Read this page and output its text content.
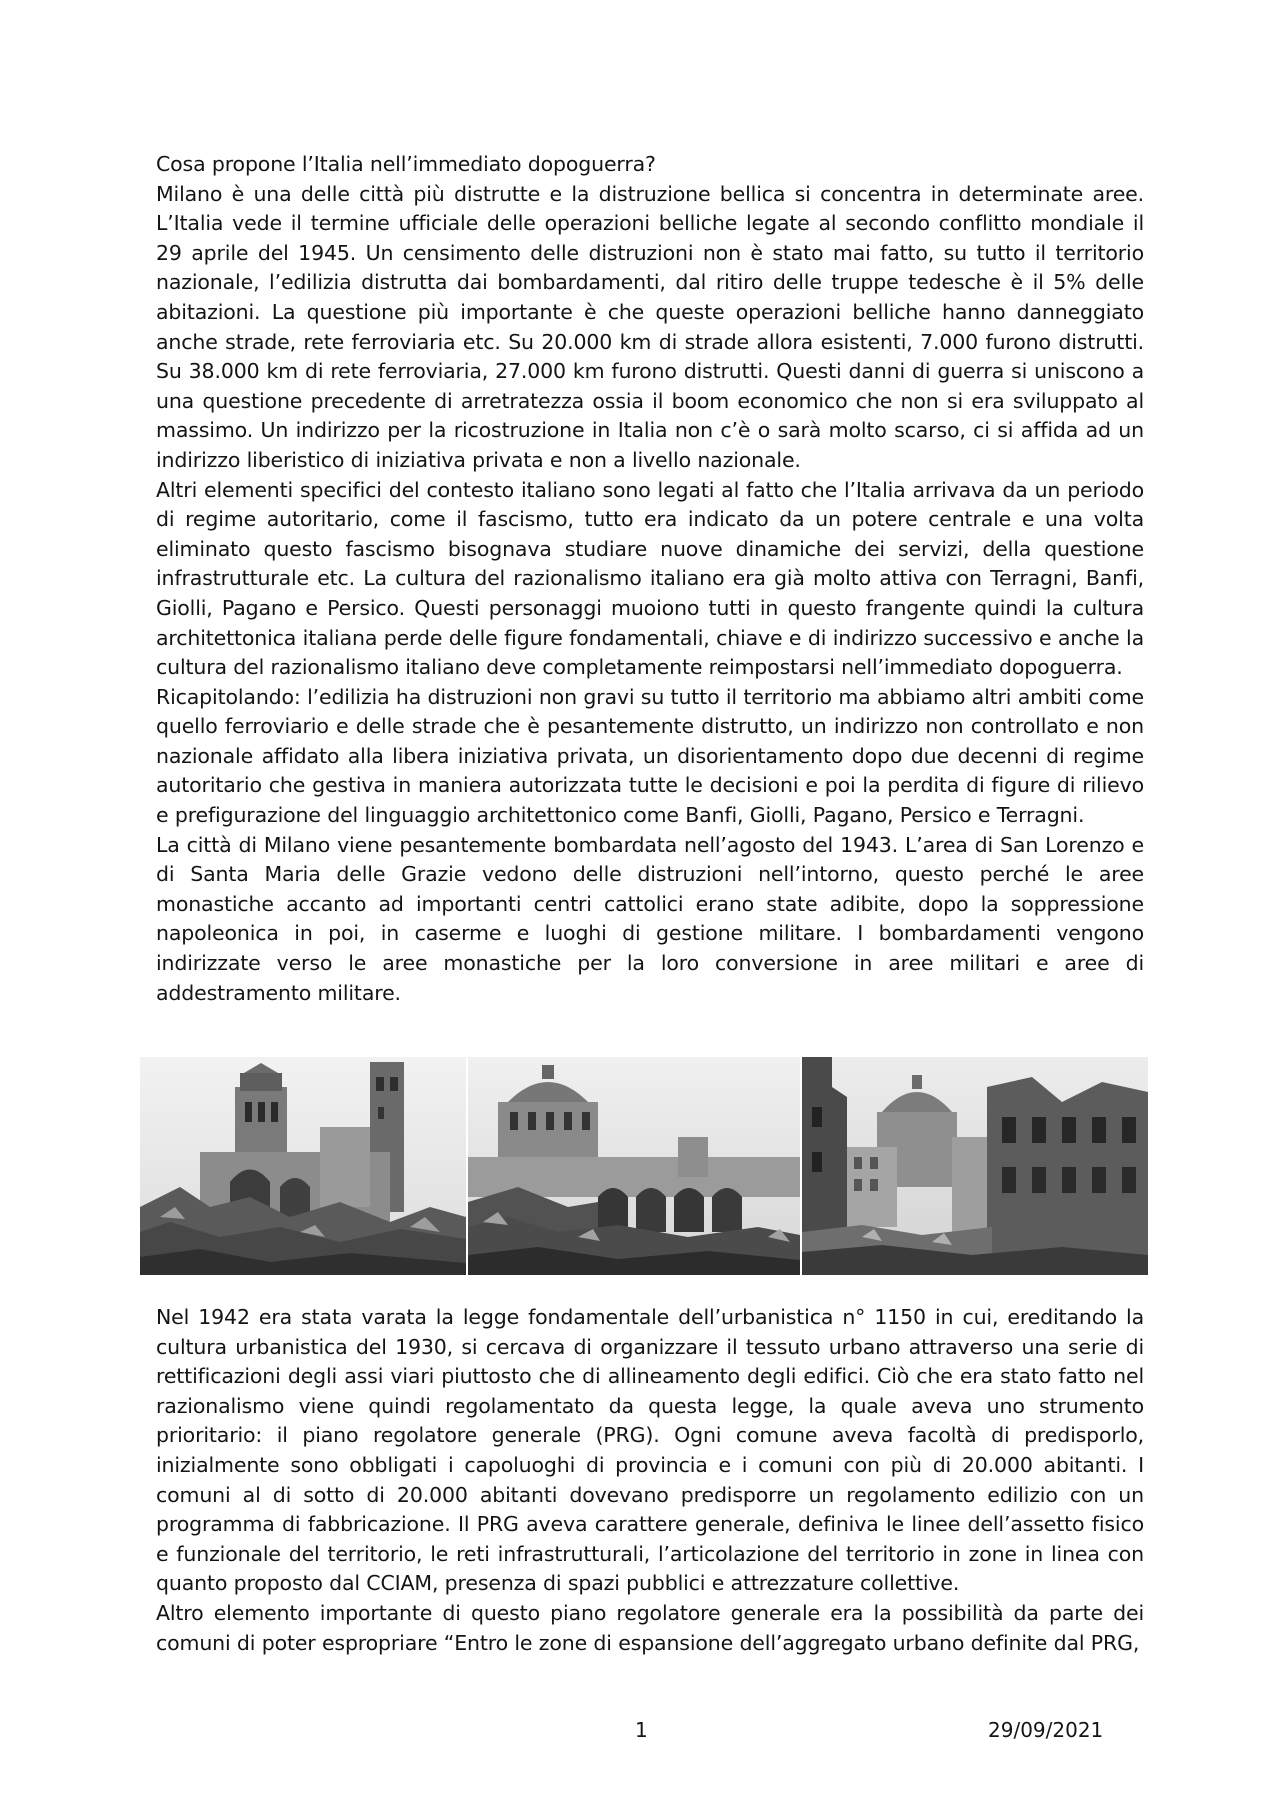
Cosa propone l’Italia nell’immediato dopoguerra?

Milano è una delle città più distrutte e la distruzione bellica si concentra in determinate aree. L’Italia vede il termine ufficiale delle operazioni belliche legate al secondo conflitto mondiale il 29 aprile del 1945. Un censimento delle distruzioni non è stato mai fatto, su tutto il territorio nazionale, l’edilizia distrutta dai bombardamenti, dal ritiro delle truppe tedesche è il 5% delle abitazioni. La questione più importante è che queste operazioni belliche hanno danneggiato anche strade, rete ferroviaria etc. Su 20.000 km di strade allora esistenti, 7.000 furono distrutti. Su 38.000 km di rete ferroviaria, 27.000 km furono distrutti. Questi danni di guerra si uniscono a una questione precedente di arretratezza ossia il boom economico che non si era sviluppato al massimo. Un indirizzo per la ricostruzione in Italia non c’è o sarà molto scarso, ci si affida ad un indirizzo liberistico di iniziativa privata e non a livello nazionale.

Altri elementi specifici del contesto italiano sono legati al fatto che l’Italia arrivava da un periodo di regime autoritario, come il fascismo, tutto era indicato da un potere centrale e una volta eliminato questo fascismo bisognava studiare nuove dinamiche dei servizi, della questione infrastrutturale etc. La cultura del razionalismo italiano era già molto attiva con Terragni, Banfi, Giolli, Pagano e Persico. Questi personaggi muoiono tutti in questo frangente quindi la cultura architettonica italiana perde delle figure fondamentali, chiave e di indirizzo successivo e anche la cultura del razionalismo italiano deve completamente reimpostarsi nell’immediato dopoguerra.

Ricapitolando: l’edilizia ha distruzioni non gravi su tutto il territorio ma abbiamo altri ambiti come quello ferroviario e delle strade che è pesantemente distrutto, un indirizzo non controllato e non nazionale affidato alla libera iniziativa privata, un disorientamento dopo due decenni di regime autoritario che gestiva in maniera autorizzata tutte le decisioni e poi la perdita di figure di rilievo e prefigurazione del linguaggio architettonico come Banfi, Giolli, Pagano, Persico e Terragni.

La città di Milano viene pesantemente bombardata nell’agosto del 1943. L’area di San Lorenzo e di Santa Maria delle Grazie vedono delle distruzioni nell’intorno, questo perché le aree monastiche accanto ad importanti centri cattolici erano state adibite, dopo la soppressione napoleonica in poi, in caserme e luoghi di gestione militare. I bombardamenti vengono indirizzate verso le aree monastiche per la loro conversione in aree militari e aree di addestramento militare.

Nel 1942 era stata varata la legge fondamentale dell’urbanistica n° 1150 in cui, ereditando la cultura urbanistica del 1930, si cercava di organizzare il tessuto urbano attraverso una serie di rettificazioni degli assi viari piuttosto che di allineamento degli edifici. Ciò che era stato fatto nel razionalismo viene quindi regolamentato da questa legge, la quale aveva uno strumento prioritario: il piano regolatore generale (PRG). Ogni comune aveva facoltà di predisporlo, inizialmente sono obbligati i capoluoghi di provincia e i comuni con più di 20.000 abitanti. I comuni al di sotto di 20.000 abitanti dovevano predisporre un regolamento edilizio con un programma di fabbricazione. Il PRG aveva carattere generale, definiva le linee dell’assetto fisico e funzionale del territorio, le reti infrastrutturali, l’articolazione del territorio in zone in linea con quanto proposto dal CCIAM, presenza di spazi pubblici e attrezzature collettive.

Altro elemento importante di questo piano regolatore generale era la possibilità da parte dei comuni di poter espropriare “Entro le zone di espansione dell’aggregato urbano definite dal PRG,

1	29/09/2021
